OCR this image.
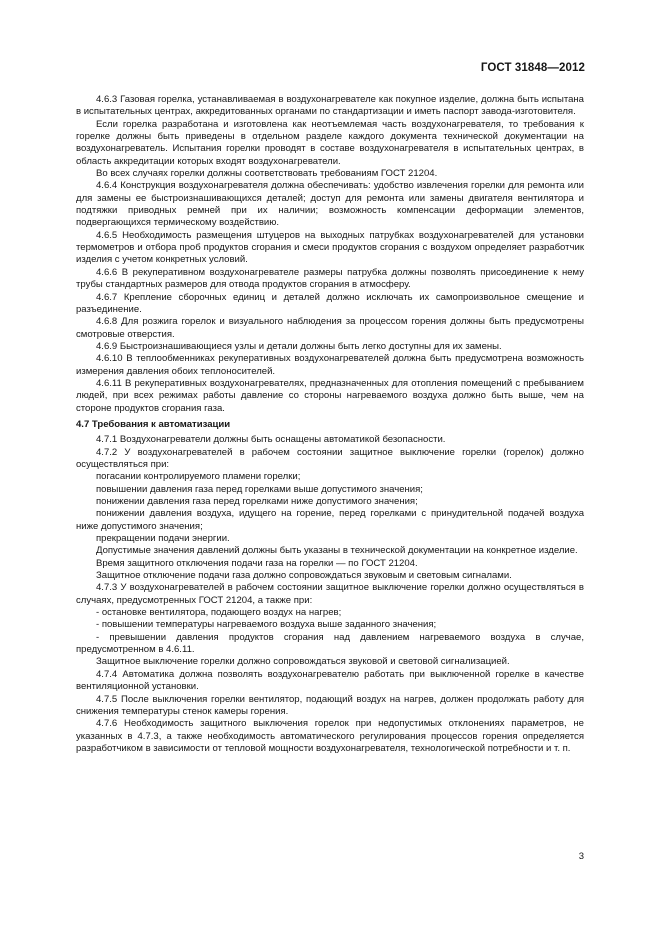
ГОСТ 31848—2012

4.6.3 Газовая горелка, устанавливаемая в воздухонагревателе как покупное изделие, должна быть испытана в испытательных центрах, аккредитованных органами по стандартизации и иметь паспорт завода-изготовителя.

Если горелка разработана и изготовлена как неотъемлемая часть воздухонагревателя, то требования к горелке должны быть приведены в отдельном разделе каждого документа технической документации на воздухонагреватель. Испытания горелки проводят в составе воздухонагревателя в испытательных центрах, в область аккредитации которых входят воздухонагреватели.

Во всех случаях горелки должны соответствовать требованиям ГОСТ 21204.

4.6.4 Конструкция воздухонагревателя должна обеспечивать: удобство извлечения горелки для ремонта или для замены ее быстроизнашивающихся деталей; доступ для ремонта или замены двигателя вентилятора и подтяжки приводных ремней при их наличии; возможность компенсации деформации элементов, подвергающихся термическому воздействию.

4.6.5 Необходимость размещения штуцеров на выходных патрубках воздухонагревателей для установки термометров и отбора проб продуктов сгорания и смеси продуктов сгорания с воздухом определяет разработчик изделия с учетом конкретных условий.

4.6.6 В рекуперативном воздухонагревателе размеры патрубка должны позволять присоединение к нему трубы стандартных размеров для отвода продуктов сгорания в атмосферу.

4.6.7 Крепление сборочных единиц и деталей должно исключать их самопроизвольное смещение и разъединение.

4.6.8 Для розжига горелок и визуального наблюдения за процессом горения должны быть предусмотрены смотровые отверстия.

4.6.9 Быстроизнашивающиеся узлы и детали должны быть легко доступны для их замены.

4.6.10 В теплообменниках рекуперативных воздухонагревателей должна быть предусмотрена возможность измерения давления обоих теплоносителей.

4.6.11 В рекуперативных воздухонагревателях, предназначенных для отопления помещений с пребыванием людей, при всех режимах работы давление со стороны нагреваемого воздуха должно быть выше, чем на стороне продуктов сгорания газа.

4.7 Требования к автоматизации

4.7.1 Воздухонагреватели должны быть оснащены автоматикой безопасности.

4.7.2 У воздухонагревателей в рабочем состоянии защитное выключение горелки (горелок) должно осуществляться при:

погасании контролируемого пламени горелки;

повышении давления газа перед горелками выше допустимого значения;

понижении давления газа перед горелками ниже допустимого значения;

понижении давления воздуха, идущего на горение, перед горелками с принудительной подачей воздуха ниже допустимого значения;

прекращении подачи энергии.

Допустимые значения давлений должны быть указаны в технической документации на конкретное изделие.

Время защитного отключения подачи газа на горелки — по ГОСТ 21204.

Защитное отключение подачи газа должно сопровождаться звуковым и световым сигналами.

4.7.3 У воздухонагревателей в рабочем состоянии защитное выключение горелки должно осуществляться в случаях, предусмотренных ГОСТ 21204, а также при:

- остановке вентилятора, подающего воздух на нагрев;

- повышении температуры нагреваемого воздуха выше заданного значения;

- превышении давления продуктов сгорания над давлением нагреваемого воздуха в случае, предусмотренном в 4.6.11.

Защитное выключение горелки должно сопровождаться звуковой и световой сигнализацией.

4.7.4 Автоматика должна позволять воздухонагревателю работать при выключенной горелке в качестве вентиляционной установки.

4.7.5 После выключения горелки вентилятор, подающий воздух на нагрев, должен продолжать работу для снижения температуры стенок камеры горения.

4.7.6 Необходимость защитного выключения горелок при недопустимых отклонениях параметров, не указанных в 4.7.3, а также необходимость автоматического регулирования процессов горения определяется разработчиком в зависимости от тепловой мощности воздухонагревателя, технологической потребности и т. п.

3
